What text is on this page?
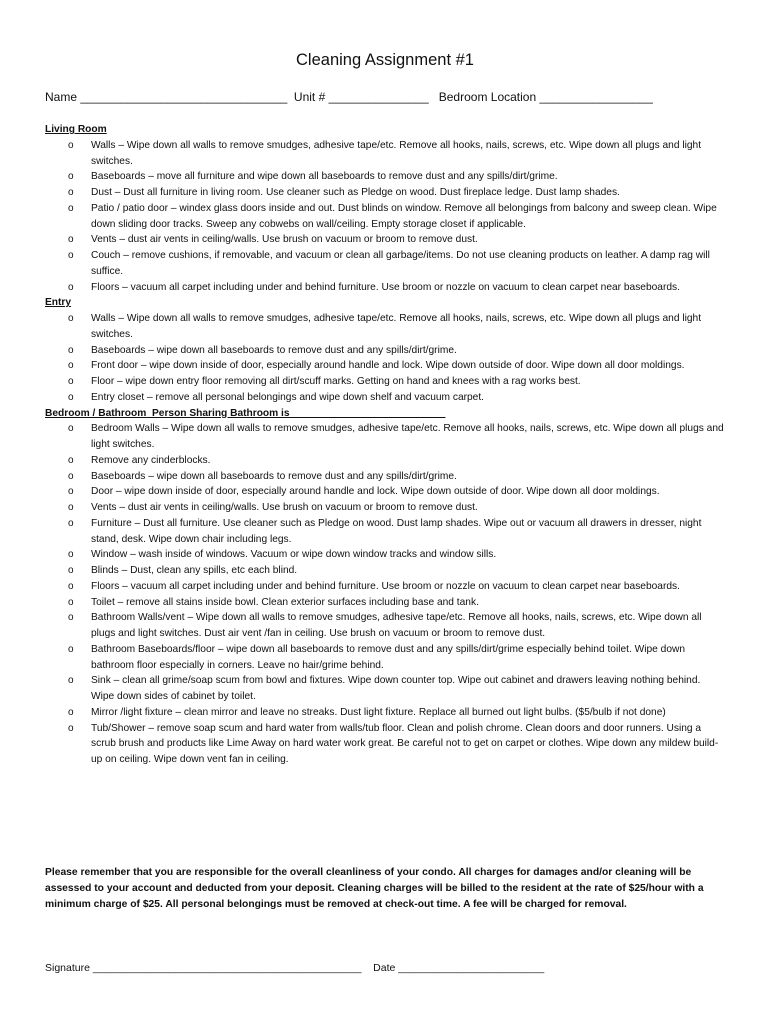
Cleaning Assignment #1
Name _______________________________ Unit # _______________ Bedroom Location _________________
Living Room
o Walls – Wipe down all walls to remove smudges, adhesive tape/etc. Remove all hooks, nails, screws, etc. Wipe down all plugs and light switches.
o Baseboards – move all furniture and wipe down all baseboards to remove dust and any spills/dirt/grime.
o Dust – Dust all furniture in living room. Use cleaner such as Pledge on wood. Dust fireplace ledge. Dust lamp shades.
o Patio / patio door – windex glass doors inside and out. Dust blinds on window. Remove all belongings from balcony and sweep clean. Wipe down sliding door tracks. Sweep any cobwebs on wall/ceiling. Empty storage closet if applicable.
o Vents – dust air vents in ceiling/walls. Use brush on vacuum or broom to remove dust.
o Couch – remove cushions, if removable, and vacuum or clean all garbage/items. Do not use cleaning products on leather. A damp rag will suffice.
o Floors – vacuum all carpet including under and behind furniture. Use broom or nozzle on vacuum to clean carpet near baseboards.
Entry
o Walls – Wipe down all walls to remove smudges, adhesive tape/etc. Remove all hooks, nails, screws, etc. Wipe down all plugs and light switches.
o Baseboards – wipe down all baseboards to remove dust and any spills/dirt/grime.
o Front door – wipe down inside of door, especially around handle and lock. Wipe down outside of door. Wipe down all door moldings.
o Floor – wipe down entry floor removing all dirt/scuff marks. Getting on hand and knees with a rag works best.
o Entry closet – remove all personal belongings and wipe down shelf and vacuum carpet.
Bedroom / Bathroom  Person Sharing Bathroom is ___________________________
o Bedroom Walls – Wipe down all walls to remove smudges, adhesive tape/etc. Remove all hooks, nails, screws, etc. Wipe down all plugs and light switches.
o Remove any cinderblocks.
o Baseboards – wipe down all baseboards to remove dust and any spills/dirt/grime.
o Door – wipe down inside of door, especially around handle and lock. Wipe down outside of door. Wipe down all door moldings.
o Vents – dust air vents in ceiling/walls. Use brush on vacuum or broom to remove dust.
o Furniture – Dust all furniture. Use cleaner such as Pledge on wood. Dust lamp shades. Wipe out or vacuum all drawers in dresser, night stand, desk. Wipe down chair including legs.
o Window – wash inside of windows. Vacuum or wipe down window tracks and window sills.
o Blinds – Dust, clean any spills, etc each blind.
o Floors – vacuum all carpet including under and behind furniture. Use broom or nozzle on vacuum to clean carpet near baseboards.
o Toilet – remove all stains inside bowl. Clean exterior surfaces including base and tank.
o Bathroom Walls/vent – Wipe down all walls to remove smudges, adhesive tape/etc. Remove all hooks, nails, screws, etc. Wipe down all plugs and light switches. Dust air vent /fan in ceiling. Use brush on vacuum or broom to remove dust.
o Bathroom Baseboards/floor – wipe down all baseboards to remove dust and any spills/dirt/grime especially behind toilet. Wipe down bathroom floor especially in corners. Leave no hair/grime behind.
o Sink – clean all grime/soap scum from bowl and fixtures. Wipe down counter top. Wipe out cabinet and drawers leaving nothing behind. Wipe down sides of cabinet by toilet.
o Mirror /light fixture – clean mirror and leave no streaks. Dust light fixture. Replace all burned out light bulbs. ($5/bulb if not done)
o Tub/Shower – remove soap scum and hard water from walls/tub floor. Clean and polish chrome. Clean doors and door runners. Using a scrub brush and products like Lime Away on hard water work great. Be careful not to get on carpet or clothes. Wipe down any mildew build-up on ceiling. Wipe down vent fan in ceiling.
Please remember that you are responsible for the overall cleanliness of your condo. All charges for damages and/or cleaning will be assessed to your account and deducted from your deposit. Cleaning charges will be billed to the resident at the rate of $25/hour with a minimum charge of $25. All personal belongings must be removed at check-out time. A fee will be charged for removal.
Signature ______________________________________________ Date _________________________
